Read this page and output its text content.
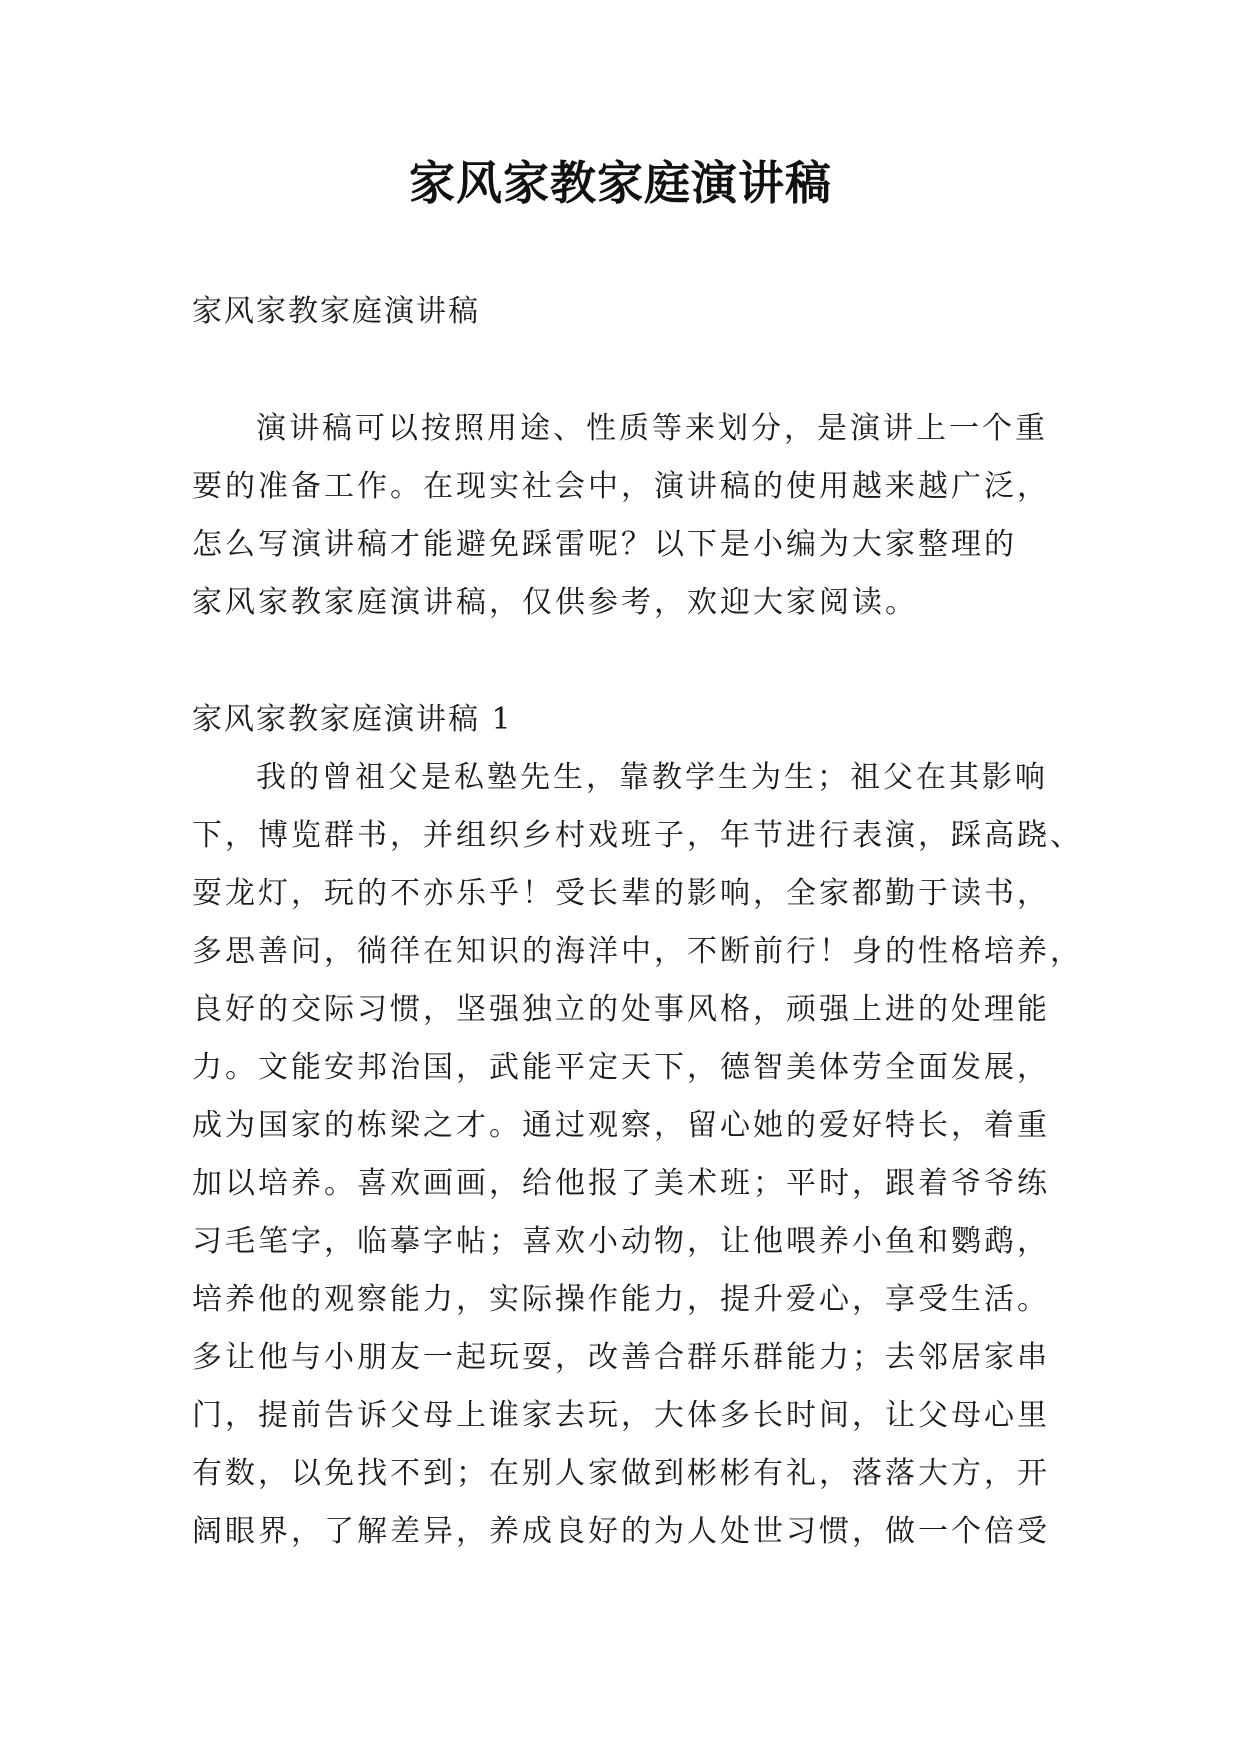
家风家教家庭演讲稿
家风家教家庭演讲稿
演讲稿可以按照用途、性质等来划分，是演讲上一个重
要的准备工作。在现实社会中，演讲稿的使用越来越广泛，
怎么写演讲稿才能避免踩雷呢？以下是小编为大家整理的
家风家教家庭演讲稿，仅供参考，欢迎大家阅读。
家风家教家庭演讲稿 1
我的曾祖父是私塾先生，靠教学生为生；祖父在其影响
下，博览群书，并组织乡村戏班子，年节进行表演，踩高跷、
耍龙灯，玩的不亦乐乎！受长辈的影响，全家都勤于读书，
多思善问，徜徉在知识的海洋中，不断前行！身的性格培养，
良好的交际习惯，坚强独立的处事风格，顽强上进的处理能
力。文能安邦治国，武能平定天下，德智美体劳全面发展，
成为国家的栋梁之才。通过观察，留心她的爱好特长，着重
加以培养。喜欢画画，给他报了美术班；平时，跟着爷爷练
习毛笔字，临摹字帖；喜欢小动物，让他喂养小鱼和鹦鹉，
培养他的观察能力，实际操作能力，提升爱心，享受生活。
多让他与小朋友一起玩耍，改善合群乐群能力；去邻居家串
门，提前告诉父母上谁家去玩，大体多长时间，让父母心里
有数，以免找不到；在别人家做到彬彬有礼，落落大方，开
阔眼界，了解差异，养成良好的为人处世习惯，做一个倍受
